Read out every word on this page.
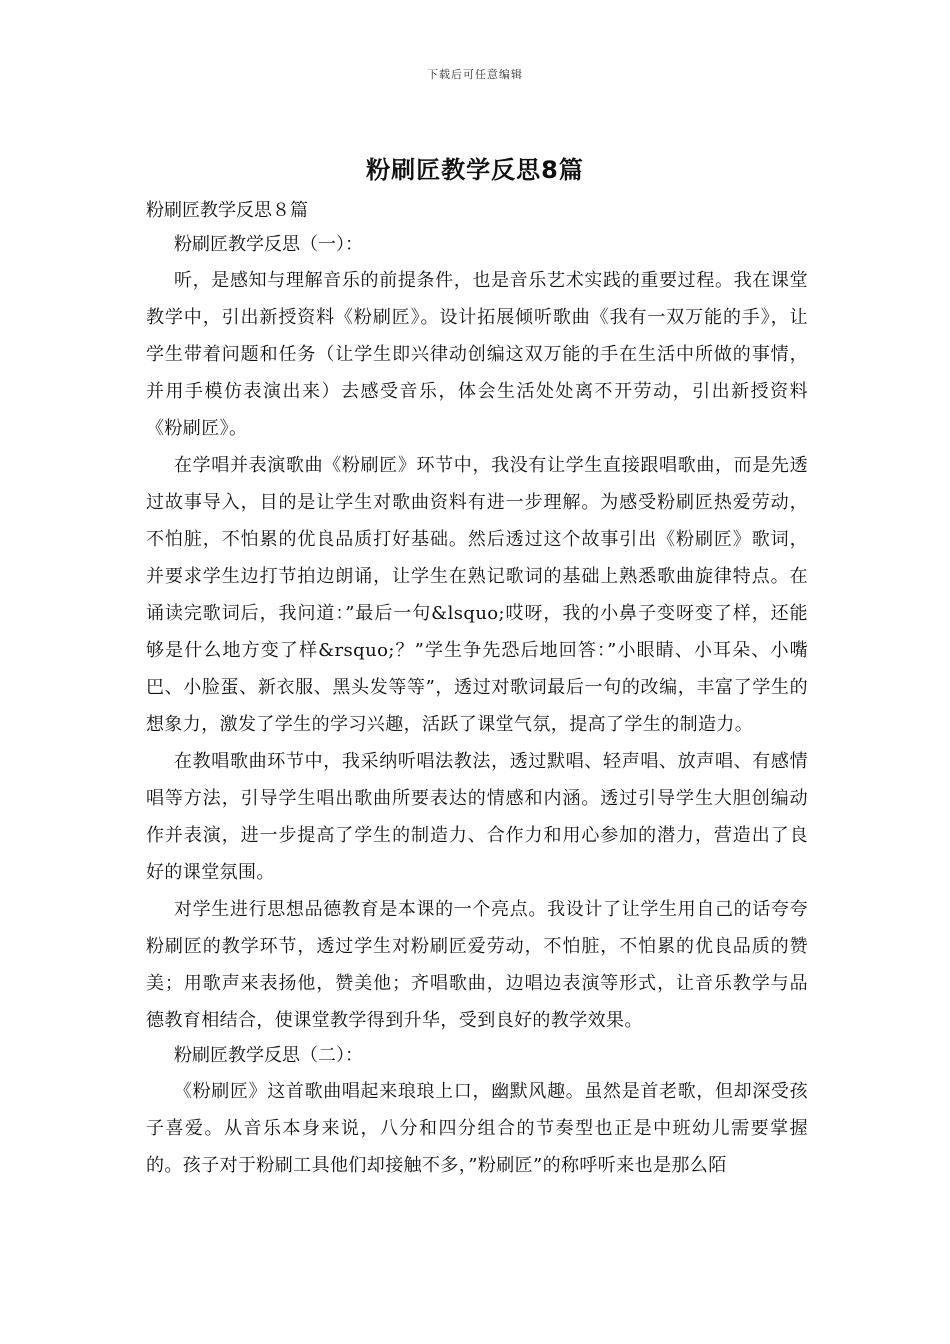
下载后可任意编辑
粉刷匠教学反思8篇
粉刷匠教学反思８篇
粉刷匠教学反思（一）：

听，是感知与理解音乐的前提条件，也是音乐艺术实践的重要过程。我在课堂教学中，引出新授资料《粉刷匠》。设计拓展倾听歌曲《我有一双万能的手》，让学生带着问题和任务（让学生即兴律动创编这双万能的手在生活中所做的事情，并用手模仿表演出来）去感受音乐，体会生活处处离不开劳动，引出新授资料《粉刷匠》。

在学唱并表演歌曲《粉刷匠》环节中，我没有让学生直接跟唱歌曲，而是先透过故事导入，目的是让学生对歌曲资料有进一步理解。为感受粉刷匠热爱劳动，不怕脏，不怕累的优良品质打好基础。然后透过这个故事引出《粉刷匠》歌词，并要求学生边打节拍边朗诵，让学生在熟记歌词的基础上熟悉歌曲旋律特点。在诵读完歌词后，我问道：”最后一句&lsquo;哎呀，我的小鼻子变呀变了样，还能够是什么地方变了样&rsquo;？”学生争先恐后地回答：”小眼睛、小耳朵、小嘴巴、小脸蛋、新衣服、黑头发等等”，透过对歌词最后一句的改编，丰富了学生的想象力，激发了学生的学习兴趣，活跃了课堂气氛，提高了学生的制造力。

在教唱歌曲环节中，我采纳听唱法教法，透过默唱、轻声唱、放声唱、有感情唱等方法，引导学生唱出歌曲所要表达的情感和内涵。透过引导学生大胆创编动作并表演，进一步提高了学生的制造力、合作力和用心参加的潜力，营造出了良好的课堂氛围。

对学生进行思想品德教育是本课的一个亮点。我设计了让学生用自己的话夸夸粉刷匠的教学环节，透过学生对粉刷匠爱劳动，不怕脏，不怕累的优良品质的赞美；用歌声来表扬他，赞美他；齐唱歌曲，边唱边表演等形式，让音乐教学与品德教育相结合，使课堂教学得到升华，受到良好的教学效果。

粉刷匠教学反思（二）：

《粉刷匠》这首歌曲唱起来琅琅上口，幽默风趣。虽然是首老歌，但却深受孩子喜爱。从音乐本身来说，八分和四分组合的节奏型也正是中班幼儿需要掌握的。孩子对于粉刷工具他们却接触不多，”粉刷匠”的称呼听来也是那么陌
